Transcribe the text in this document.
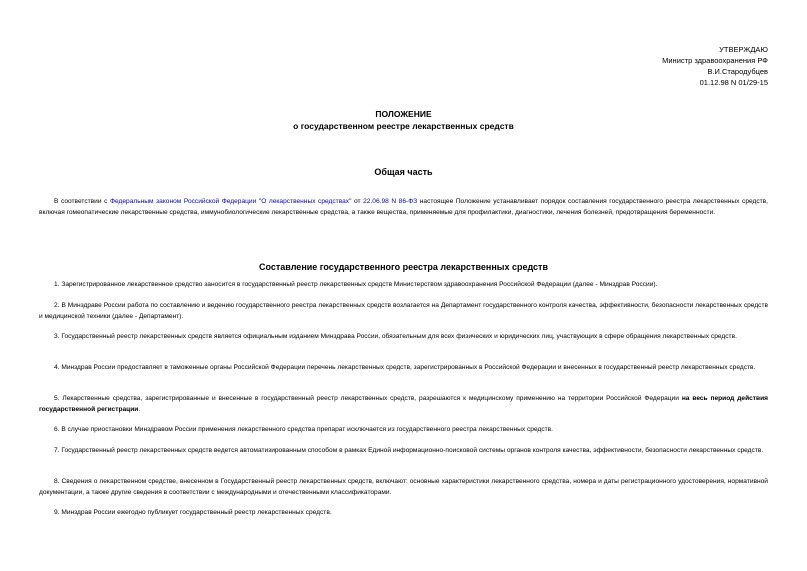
УТВЕРЖДАЮ
Министр здравоохранения РФ
В.И.Стародубцев
01.12.98 N 01/29-15
ПОЛОЖЕНИЕ
о государственном реестре лекарственных средств
Общая часть

В соответствии с Федеральным законом Российской Федерации "О лекарственных средствах" от 22.06.98 N 86-ФЗ настоящее Положение устанавливает порядок составления государственного реестра лекарственных средств, включая гомеопатические лекарственные средства, иммунобиологические лекарственные средства, а также вещества, применяемые для профилактики, диагностики, лечения болезней, предотвращения беременности.

Составление государственного реестра лекарственных средств

1. Зарегистрированное лекарственное средство заносится в государственный реестр лекарственных средств Министерством здравоохранения Российской Федерации (далее - Минздрав России).

2. В Минздраве России работа по составлению и ведению государственного реестра лекарственных средств возлагается на Департамент государственного контроля качества, эффективности, безопасности лекарственных средств и медицинской техники (далее - Департамент).

3. Государственный реестр лекарственных средств является официальным изданием Минздрава России, обязательным для всех физических и юридических лиц, участвующих в сфере обращения лекарственных средств.

4. Минздрав России предоставляет в таможенные органы Российской Федерации перечень лекарственных средств, зарегистрированных в Российской Федерации и внесенных в государственный реестр лекарственных средств.

5. Лекарственные средства, зарегистрированные и внесенные в государственный реестр лекарственных средств, разрешаются к медицинскому применению на территории Российской Федерации на весь период действия государственной регистрации.

6. В случае приостановки Минздравом России применения лекарственного средства препарат исключается из государственного реестра лекарственных средств.

7. Государственный реестр лекарственных средств ведется автоматизированным способом в рамках Единой информационно-поисковой системы органов контроля качества, эффективности, безопасности лекарственных средств.

8. Сведения о лекарственном средстве, внесенном в Государственный реестр лекарственных средств, включают: основные характеристики лекарственного средства, номера и даты регистрационного удостоверения, нормативной документации, а также другие сведения в соответствии с международными и отечественными классификаторами.

9. Минздрав России ежегодно публикует государственный реестр лекарственных средств.
